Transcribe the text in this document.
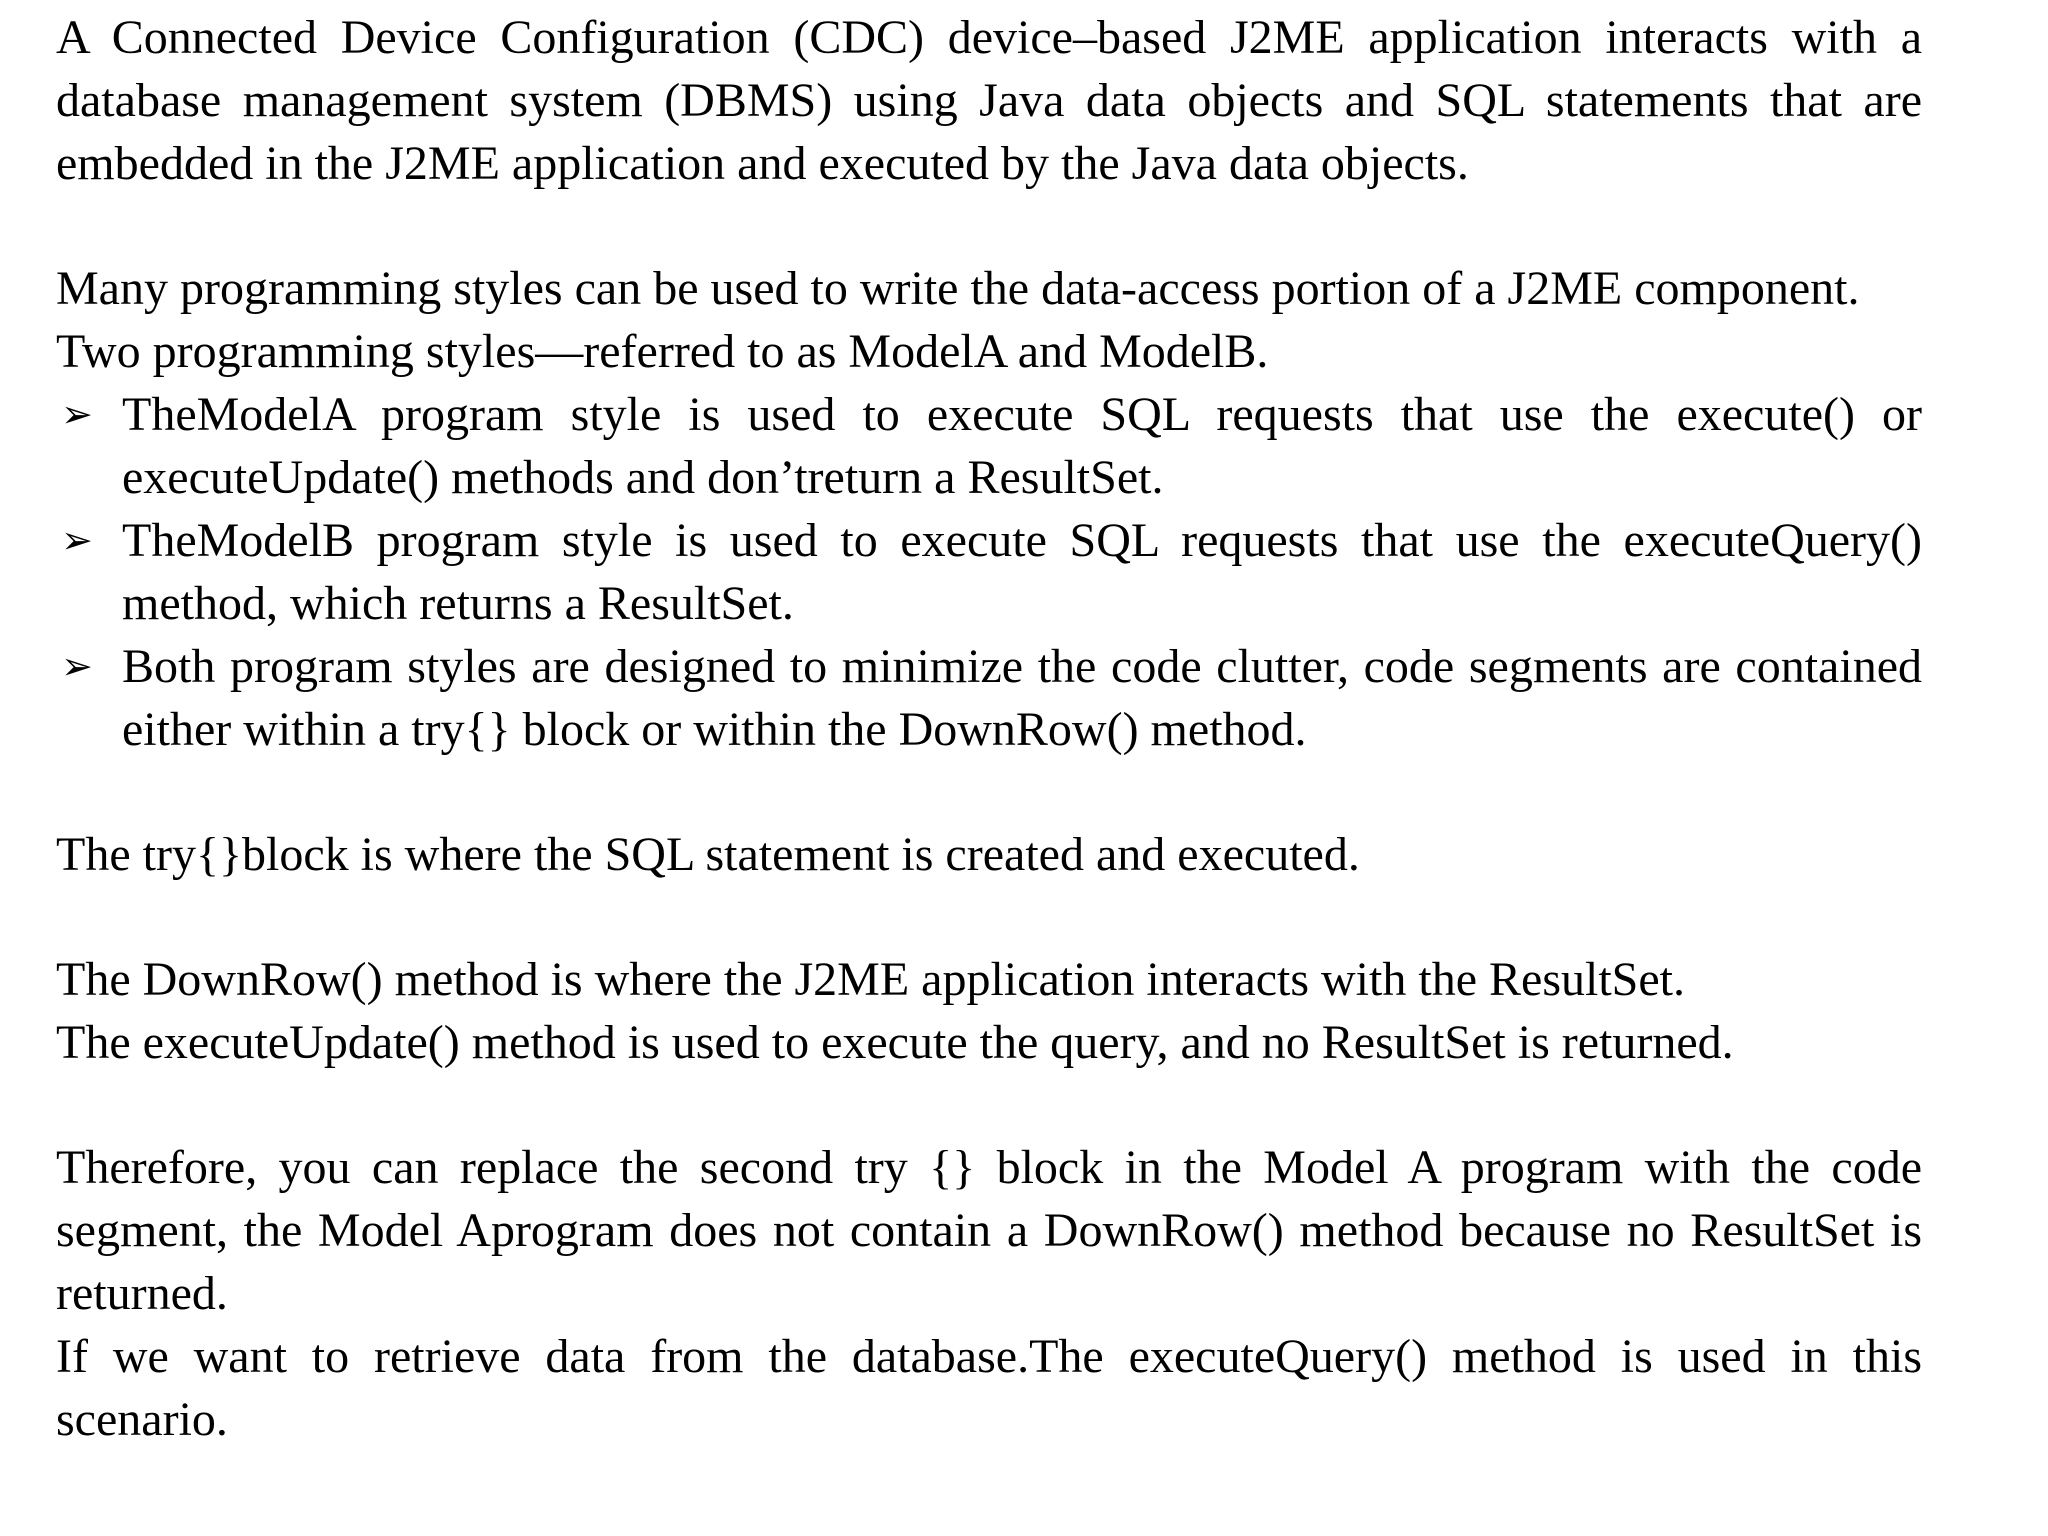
A Connected Device Configuration (CDC) device–based J2ME application interacts with a database management system (DBMS) using Java data objects and SQL statements that are embedded in the J2ME application and executed by the Java data objects.

Many programming styles can be used to write the data-access portion of a J2ME component.

Two programming styles—referred to as ModelA and ModelB.

➢ TheModelA program style is used to execute SQL requests that use the execute() or executeUpdate() methods and don’treturn a ResultSet.
➢ TheModelB program style is used to execute SQL requests that use the executeQuery() method, which returns a ResultSet.
➢ Both program styles are designed to minimize the code clutter, code segments are contained either within a try{} block or within the DownRow() method.

The try{}block is where the SQL statement is created and executed.

The DownRow() method is where the J2ME application interacts with the ResultSet.

The executeUpdate() method is used to execute the query, and no ResultSet is returned.

Therefore, you can replace the second try {} block in the Model A program with the code segment, the Model Aprogram does not contain a DownRow() method because no ResultSet is returned.

If we want to retrieve data from the database.The executeQuery() method is used in this scenario.
